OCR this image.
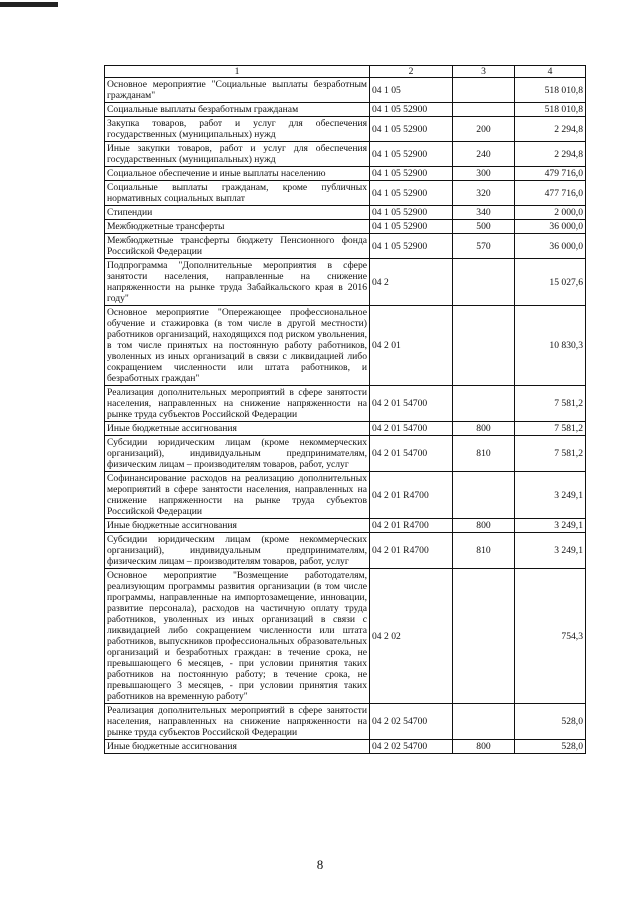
1	2	3	4
Основное мероприятие "Социальные выплаты безработным гражданам"	04 1 05		518 010,8
Социальные выплаты безработным гражданам	04 1 05 52900		518 010,8
Закупка товаров, работ и услуг для обеспечения государственных (муниципальных) нужд	04 1 05 52900	200	2 294,8
Иные закупки товаров, работ и услуг для обеспечения государственных (муниципальных) нужд	04 1 05 52900	240	2 294,8
Социальное обеспечение и иные выплаты населению	04 1 05 52900	300	479 716,0
Социальные выплаты гражданам, кроме публичных нормативных социальных выплат	04 1 05 52900	320	477 716,0
Стипендии	04 1 05 52900	340	2 000,0
Межбюджетные трансферты	04 1 05 52900	500	36 000,0
Межбюджетные трансферты бюджету Пенсионного фонда Российской Федерации	04 1 05 52900	570	36 000,0
Подпрограмма "Дополнительные мероприятия в сфере занятости населения, направленные на снижение напряженности на рынке труда Забайкальского края в 2016 году"	04 2		15 027,6
Основное мероприятие "Опережающее профессиональное обучение и стажировка (в том числе в другой местности) работников организаций, находящихся под риском увольнения, в том числе принятых на постоянную работу работников, уволенных из иных организаций в связи с ликвидацией либо сокращением численности или штата работников, и безработных граждан"	04 2 01		10 830,3
Реализация дополнительных мероприятий в сфере занятости населения, направленных на снижение напряженности на рынке труда субъектов Российской Федерации	04 2 01 54700		7 581,2
Иные бюджетные ассигнования	04 2 01 54700	800	7 581,2
Субсидии юридическим лицам (кроме некоммерческих организаций), индивидуальным предпринимателям, физическим лицам – производителям товаров, работ, услуг	04 2 01 54700	810	7 581,2
Софинансирование расходов на реализацию дополнительных мероприятий в сфере занятости населения, направленных на снижение напряженности на рынке труда субъектов Российской Федерации	04 2 01 R4700		3 249,1
Иные бюджетные ассигнования	04 2 01 R4700	800	3 249,1
Субсидии юридическим лицам (кроме некоммерческих организаций), индивидуальным предпринимателям, физическим лицам – производителям товаров, работ, услуг	04 2 01 R4700	810	3 249,1
Основное мероприятие "Возмещение работодателям, реализующим программы развития организации (в том числе программы, направленные на импортозамещение, инновации, развитие персонала), расходов на частичную оплату труда работников, уволенных из иных организаций в связи с ликвидацией либо сокращением численности или штата работников, выпускников профессиональных образовательных организаций и безработных граждан: в течение срока, не превышающего 6 месяцев, - при условии принятия таких работников на постоянную работу; в течение срока, не превышающего 3 месяцев, - при условии принятия таких работников на временную работу"	04 2 02		754,3
Реализация дополнительных мероприятий в сфере занятости населения, направленных на снижение напряженности на рынке труда субъектов Российской Федерации	04 2 02 54700		528,0
Иные бюджетные ассигнования	04 2 02 54700	800	528,0
8
